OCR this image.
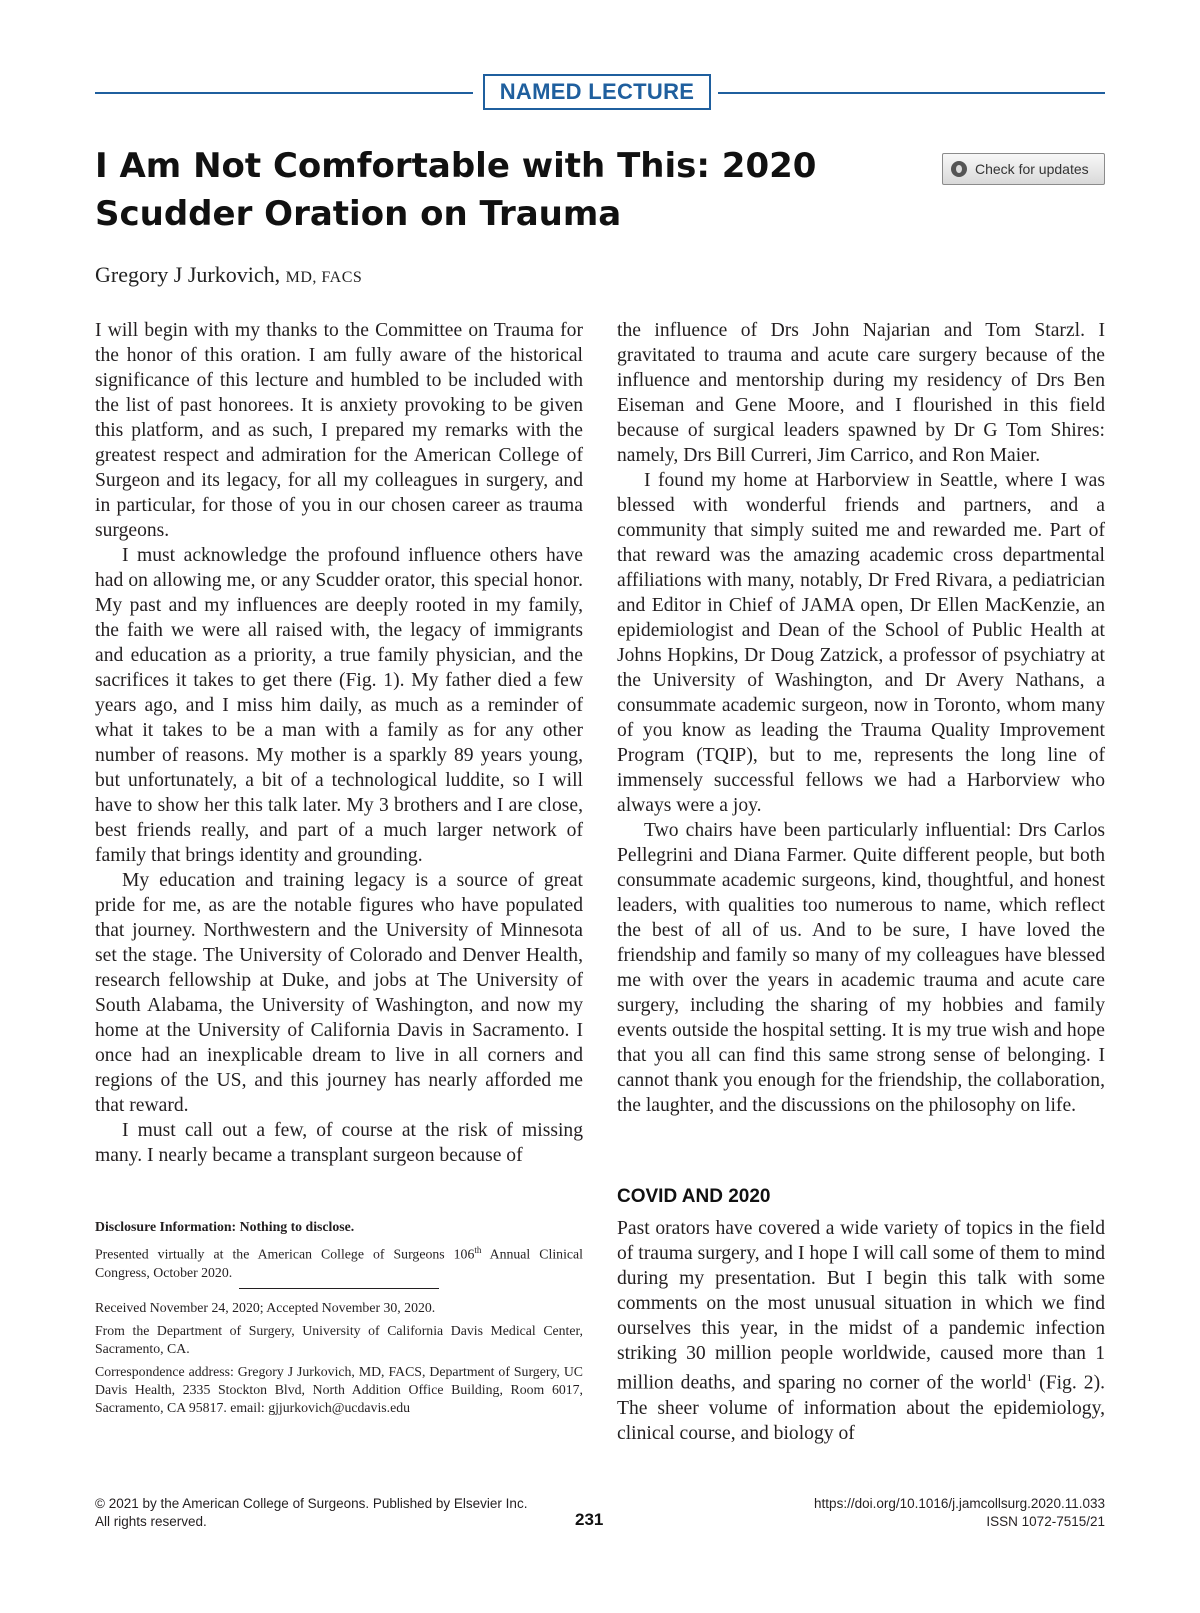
NAMED LECTURE
I Am Not Comfortable with This: 2020 Scudder Oration on Trauma
Check for updates
Gregory J Jurkovich, MD, FACS

I will begin with my thanks to the Committee on Trauma for the honor of this oration. I am fully aware of the historical significance of this lecture and humbled to be included with the list of past honorees. It is anxiety provoking to be given this platform, and as such, I prepared my remarks with the greatest respect and admiration for the American College of Surgeon and its legacy, for all my colleagues in surgery, and in particular, for those of you in our chosen career as trauma surgeons.

I must acknowledge the profound influence others have had on allowing me, or any Scudder orator, this special honor. My past and my influences are deeply rooted in my family, the faith we were all raised with, the legacy of immigrants and education as a priority, a true family physician, and the sacrifices it takes to get there (Fig. 1). My father died a few years ago, and I miss him daily, as much as a reminder of what it takes to be a man with a family as for any other number of reasons. My mother is a sparkly 89 years young, but unfortunately, a bit of a technological luddite, so I will have to show her this talk later. My 3 brothers and I are close, best friends really, and part of a much larger network of family that brings identity and grounding.

My education and training legacy is a source of great pride for me, as are the notable figures who have populated that journey. Northwestern and the University of Minnesota set the stage. The University of Colorado and Denver Health, research fellowship at Duke, and jobs at The University of South Alabama, the University of Washington, and now my home at the University of California Davis in Sacramento. I once had an inexplicable dream to live in all corners and regions of the US, and this journey has nearly afforded me that reward.

I must call out a few, of course at the risk of missing many. I nearly became a transplant surgeon because of

the influence of Drs John Najarian and Tom Starzl. I gravitated to trauma and acute care surgery because of the influence and mentorship during my residency of Drs Ben Eiseman and Gene Moore, and I flourished in this field because of surgical leaders spawned by Dr G Tom Shires: namely, Drs Bill Curreri, Jim Carrico, and Ron Maier.

I found my home at Harborview in Seattle, where I was blessed with wonderful friends and partners, and a community that simply suited me and rewarded me. Part of that reward was the amazing academic cross departmental affiliations with many, notably, Dr Fred Rivara, a pediatrician and Editor in Chief of JAMA open, Dr Ellen MacKenzie, an epidemiologist and Dean of the School of Public Health at Johns Hopkins, Dr Doug Zatzick, a professor of psychiatry at the University of Washington, and Dr Avery Nathans, a consummate academic surgeon, now in Toronto, whom many of you know as leading the Trauma Quality Improvement Program (TQIP), but to me, represents the long line of immensely successful fellows we had a Harborview who always were a joy.

Two chairs have been particularly influential: Drs Carlos Pellegrini and Diana Farmer. Quite different people, but both consummate academic surgeons, kind, thoughtful, and honest leaders, with qualities too numerous to name, which reflect the best of all of us. And to be sure, I have loved the friendship and family so many of my colleagues have blessed me with over the years in academic trauma and acute care surgery, including the sharing of my hobbies and family events outside the hospital setting. It is my true wish and hope that you all can find this same strong sense of belonging. I cannot thank you enough for the friendship, the collaboration, the laughter, and the discussions on the philosophy on life.

COVID AND 2020

Past orators have covered a wide variety of topics in the field of trauma surgery, and I hope I will call some of them to mind during my presentation. But I begin this talk with some comments on the most unusual situation in which we find ourselves this year, in the midst of a pandemic infection striking 30 million people worldwide, caused more than 1 million deaths, and sparing no corner of the world$^1$ (Fig. 2). The sheer volume of information about the epidemiology, clinical course, and biology of

Disclosure Information: Nothing to disclose.

Presented virtually at the American College of Surgeons 106th Annual Clinical Congress, October 2020.

Received November 24, 2020; Accepted November 30, 2020.

From the Department of Surgery, University of California Davis Medical Center, Sacramento, CA.

Correspondence address: Gregory J Jurkovich, MD, FACS, Department of Surgery, UC Davis Health, 2335 Stockton Blvd, North Addition Office Building, Room 6017, Sacramento, CA 95817. email: gjjurkovich@ucdavis.edu

© 2021 by the American College of Surgeons. Published by Elsevier Inc.
All rights reserved.	231
https://doi.org/10.1016/j.jamcollsurg.2020.11.033
ISSN 1072-7515/21
